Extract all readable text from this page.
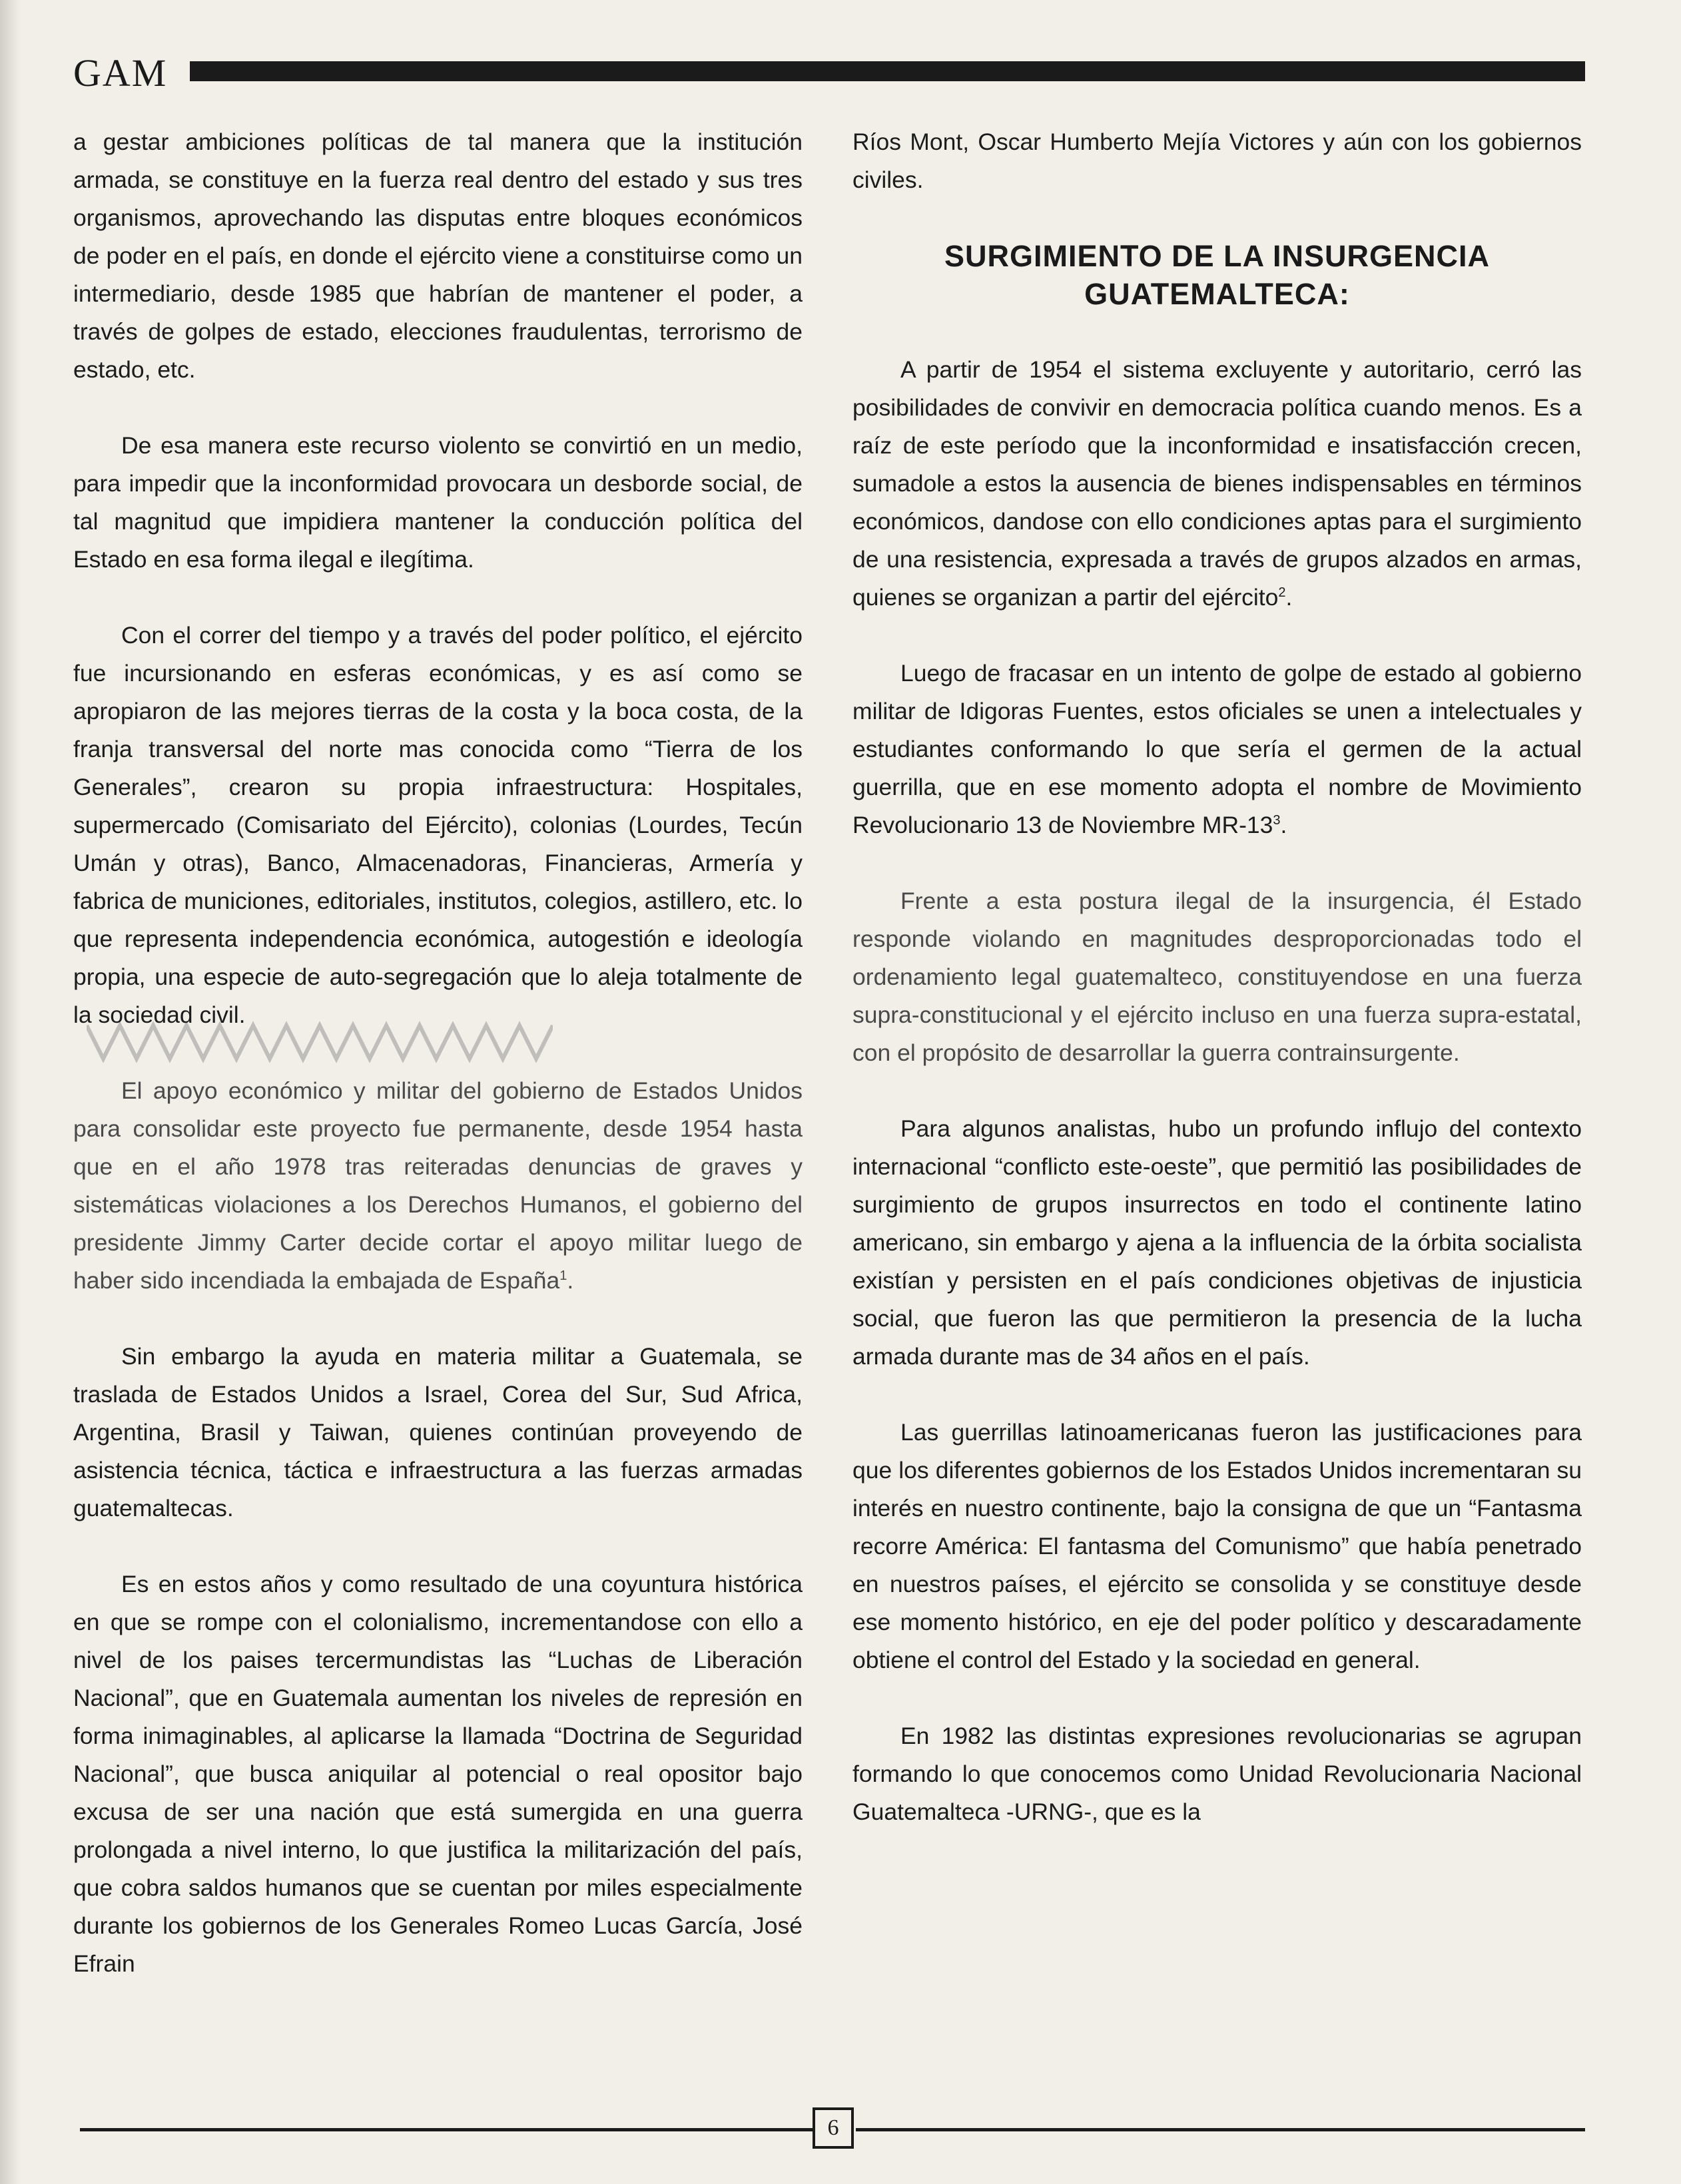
GAM

a gestar ambiciones políticas de tal manera que la institución armada, se constituye en la fuerza real dentro del estado y sus tres organismos, aprovechando las disputas entre bloques económicos de poder en el país, en donde el ejército viene a constituirse como un intermediario, desde 1985 que habrían de mantener el poder, a través de golpes de estado, elecciones fraudulentas, terrorismo de estado, etc.

De esa manera este recurso violento se convirtió en un medio, para impedir que la inconformidad provocara un desborde social, de tal magnitud que impidiera mantener la conducción política del Estado en esa forma ilegal e ilegítima.

Con el correr del tiempo y a través del poder político, el ejército fue incursionando en esferas económicas, y es así como se apropiaron de las mejores tierras de la costa y la boca costa, de la franja transversal del norte mas conocida como “Tierra de los Generales”, crearon su propia infraestructura: Hospitales, supermercado (Comisariato del Ejército), colonias (Lourdes, Tecún Umán y otras), Banco, Almacenadoras, Financieras, Armería y fabrica de municiones, editoriales, institutos, colegios, astillero, etc. lo que representa independencia económica, autogestión e ideología propia, una especie de auto-segregación que lo aleja totalmente de la sociedad civil.

El apoyo económico y militar del gobierno de Estados Unidos para consolidar este proyecto fue permanente, desde 1954 hasta que en el año 1978 tras reiteradas denuncias de graves y sistemáticas violaciones a los Derechos Humanos, el gobierno del presidente Jimmy Carter decide cortar el apoyo militar luego de haber sido incendiada la embajada de España$^1$.

Sin embargo la ayuda en materia militar a Guatemala, se traslada de Estados Unidos a Israel, Corea del Sur, Sud Africa, Argentina, Brasil y Taiwan, quienes continúan proveyendo de asistencia técnica, táctica e infraestructura a las fuerzas armadas guatemaltecas.

Es en estos años y como resultado de una coyuntura histórica en que se rompe con el colonialismo, incrementandose con ello a nivel de los paises tercermundistas las “Luchas de Liberación Nacional”, que en Guatemala aumentan los niveles de represión en forma inimaginables, al aplicarse la llamada “Doctrina de Seguridad Nacional”, que busca aniquilar al potencial o real opositor bajo excusa de ser una nación que está sumergida en una guerra prolongada a nivel interno, lo que justifica la militarización del país, que cobra saldos humanos que se cuentan por miles especialmente durante los gobiernos de los Generales Romeo Lucas García, José Efrain

Ríos Mont, Oscar Humberto Mejía Victores y aún con los gobiernos civiles.

SURGIMIENTO DE LA INSURGENCIA GUATEMALTECA:

A partir de 1954 el sistema excluyente y autoritario, cerró las posibilidades de convivir en democracia política cuando menos. Es a raíz de este período que la inconformidad e insatisfacción crecen, sumadole a estos la ausencia de bienes indispensables en términos económicos, dandose con ello condiciones aptas para el surgimiento de una resistencia, expresada a través de grupos alzados en armas, quienes se organizan a partir del ejército$^2$.

Luego de fracasar en un intento de golpe de estado al gobierno militar de Idigoras Fuentes, estos oficiales se unen a intelectuales y estudiantes conformando lo que sería el germen de la actual guerrilla, que en ese momento adopta el nombre de Movimiento Revolucionario 13 de Noviembre $MR-13^3$.

Frente a esta postura ilegal de la insurgencia, él Estado responde violando en magnitudes desproporcionadas todo el ordenamiento legal guatemalteco, constituyendose en una fuerza supra-constitucional y el ejército incluso en una fuerza supra-estatal, con el propósito de desarrollar la guerra contrainsurgente.

Para algunos analistas, hubo un profundo influjo del contexto internacional “conflicto este-oeste”, que permitió las posibilidades de surgimiento de grupos insurrectos en todo el continente latino americano, sin embargo y ajena a la influencia de la órbita socialista existían y persisten en el país condiciones objetivas de injusticia social, que fueron las que permitieron la presencia de la lucha armada durante mas de 34 años en el país.

Las guerrillas latinoamericanas fueron las justificaciones para que los diferentes gobiernos de los Estados Unidos incrementaran su interés en nuestro continente, bajo la consigna de que un “Fantasma recorre América: El fantasma del Comunismo” que había penetrado en nuestros países, el ejército se consolida y se constituye desde ese momento histórico, en eje del poder político y descaradamente obtiene el control del Estado y la sociedad en general.

En 1982 las distintas expresiones revolucionarias se agrupan formando lo que conocemos como Unidad Revolucionaria Nacional Guatemalteca -URNG-, que es la

6
